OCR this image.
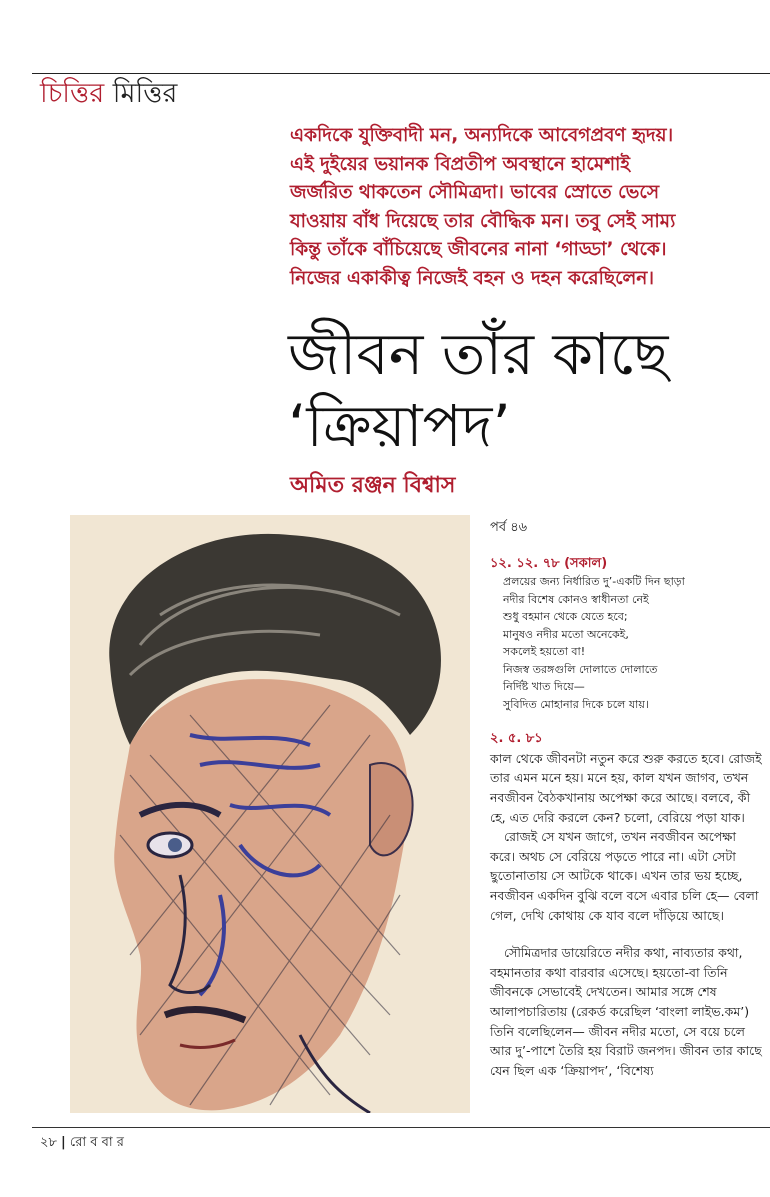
চিত্তির মিত্তির
একদিকে যুক্তিবাদী মন, অন্যদিকে আবেগপ্রবণ হৃদয়।
এই দুইয়ের ভয়ানক বিপ্রতীপ অবস্থানে হামেশাই
জর্জরিত থাকতেন সৌমিত্রদা। ভাবের স্রোতে ভেসে
যাওয়ায় বাঁধ দিয়েছে তার বৌদ্ধিক মন। তবু সেই সাম্য
কিন্তু তাঁকে বাঁচিয়েছে জীবনের নানা ‘গাড্ডা’ থেকে।
নিজের একাকীত্ব নিজেই বহন ও দহন করেছিলেন।
জীবন তাঁর কাছে
‘ক্রিয়াপদ’
অমিত রঞ্জন বিশ্বাস
পর্ব ৪৬
১২. ১২. ৭৮ (সকাল)
প্রলয়ের জন্য নির্ধারিত দু’-একটি দিন ছাড়া
নদীর বিশেষ কোনও স্বাধীনতা নেই
শুধু বহমান থেকে যেতে হবে;
মানুষও নদীর মতো অনেকেই,
সকলেই হয়তো বা!
নিজস্ব তরঙ্গগুলি দোলাতে দোলাতে
নির্দিষ্ট খাত দিয়ে—
সুবিদিত মোহানার দিকে চলে যায়।
২. ৫. ৮১

কাল থেকে জীবনটা নতুন করে শুরু করতে হবে। রোজই তার এমন মনে হয়। মনে হয়, কাল যখন জাগব, তখন নবজীবন বৈঠকখানায় অপেক্ষা করে আছে। বলবে, কী হে, এত দেরি করলে কেন? চলো, বেরিয়ে পড়া যাক।

রোজই সে যখন জাগে, তখন নবজীবন অপেক্ষা করে। অথচ সে বেরিয়ে পড়তে পারে না। এটা সেটা ছুতোনাতায় সে আটকে থাকে। এখন তার ভয় হচ্ছে, নবজীবন একদিন বুঝি বলে বসে এবার চলি হে— বেলা গেল, দেখি কোথায় কে যাব বলে দাঁড়িয়ে আছে।

সৌমিত্রদার ডায়েরিতে নদীর কথা, নাব্যতার কথা, বহমানতার কথা বারবার এসেছে। হয়তো-বা তিনি জীবনকে সেভাবেই দেখতেন। আমার সঙ্গে শেষ আলাপচারিতায় (রেকর্ড করেছিল ‘বাংলা লাইভ.কম’) তিনি বলেছিলেন— জীবন নদীর মতো, সে বয়ে চলে আর দু’-পাশে তৈরি হয় বিরাট জনপদ। জীবন তার কাছে যেন ছিল এক ‘ক্রিয়াপদ’, ‘বিশেষ্য

২৮ | রো ব বা র
